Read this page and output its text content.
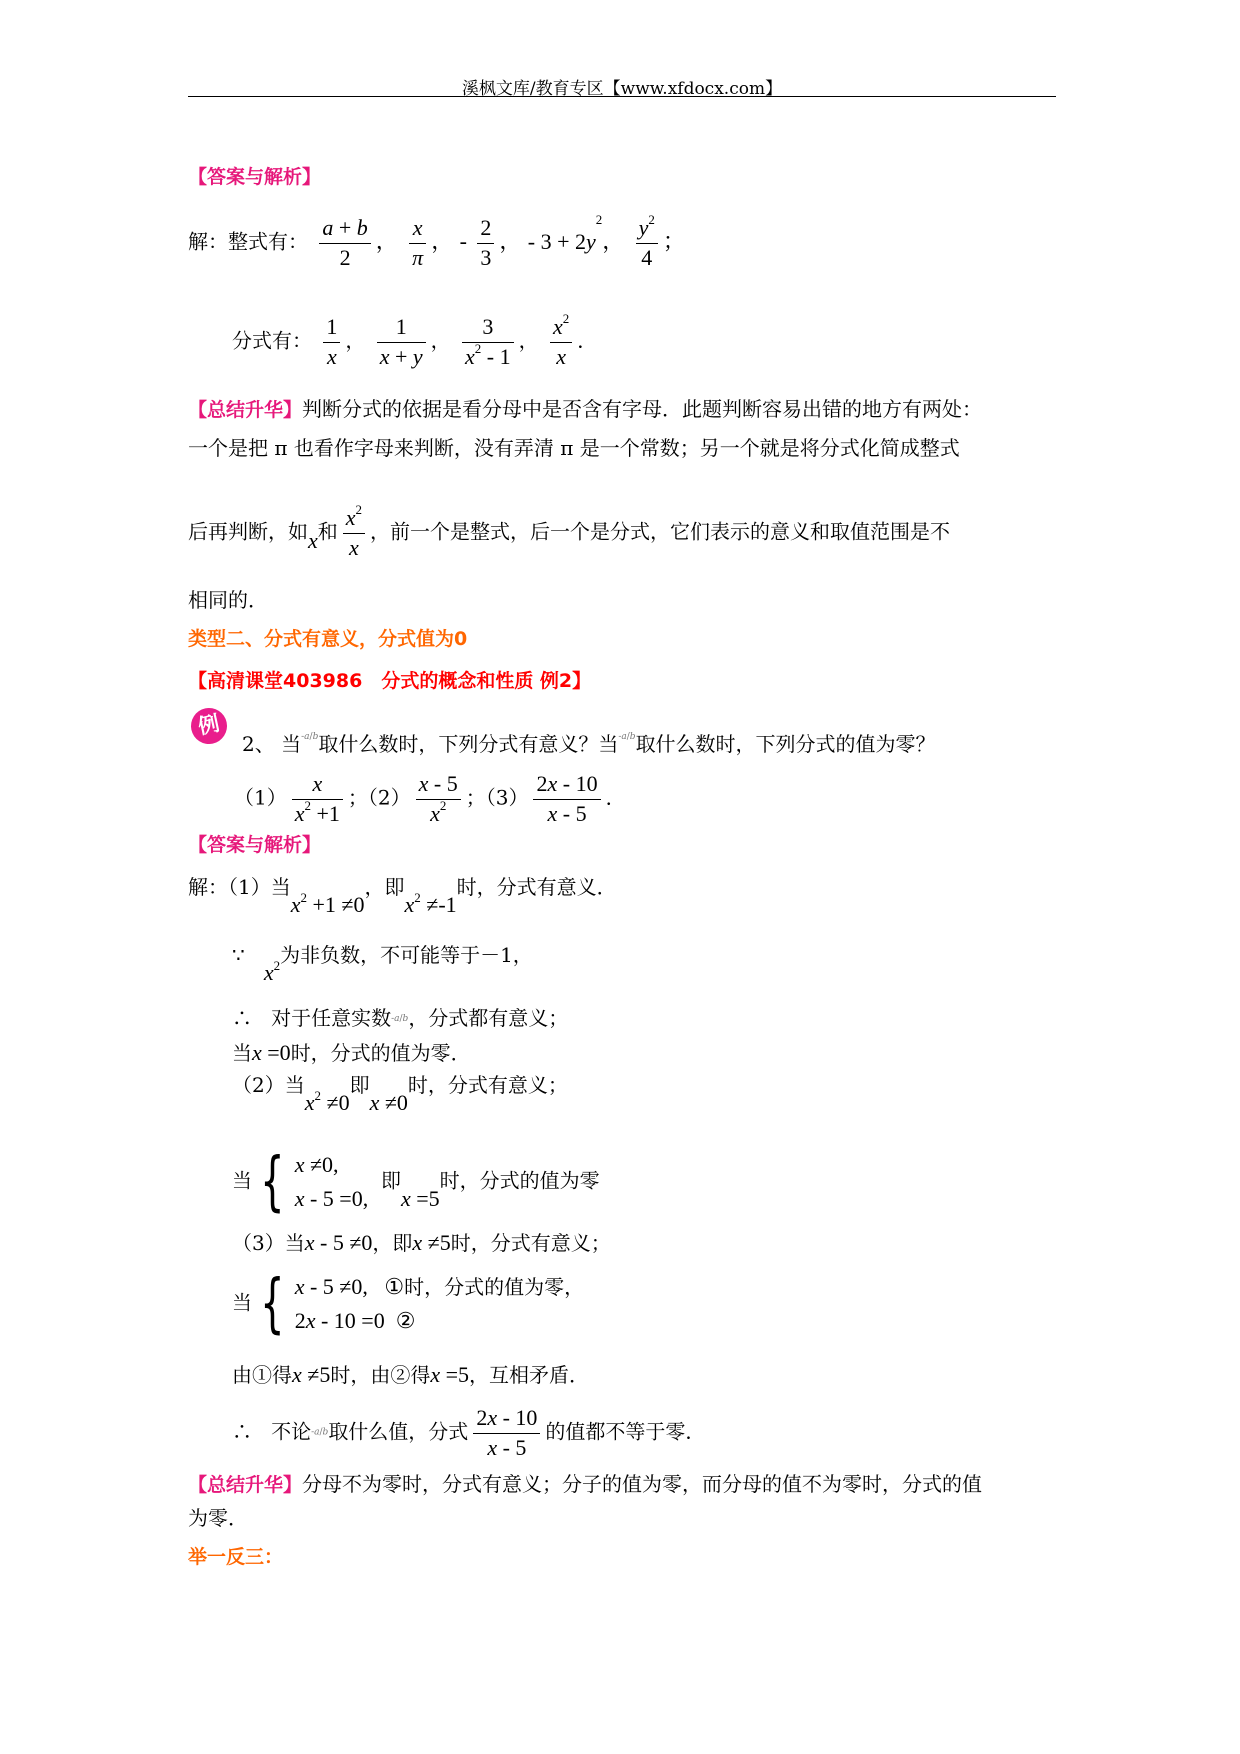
溪枫文库/教育专区【www.xfdocx.com】
【答案与解析】
解：整式有： $\frac{a + b}{2}$ ， $\frac{x}{\pi}$ ， - $\frac{2}{3}$ ， - $3 + 2y^2$， $\frac{y^2}{4}$ ；
分式有： $\frac{1}{x}$ ， $\frac{1}{x + y}$ ， $\frac{3}{x^2 - 1}$ ， $\frac{x^2}{x}$ ．
【总结升华】判断分式的依据是看分母中是否含有字母．此题判断容易出错的地方有两处：
一个是把 π 也看作字母来判断，没有弄清 π 是一个常数；另一个就是将分式化简成整式
后再判断，如x和 $\frac{x^2}{x}$ ，前一个是整式，后一个是分式，它们表示的意义和取值范围是不
相同的．
类型二、分式有意义，分式值为0
【高清课堂403986　分式的概念和性质 例2】
例
2、 当$^{-a/b}$取什么数时，下列分式有意义？当$^{-a/b}$取什么数时，下列分式的值为零？
$(1) \frac{x}{x^2 +1}$ ；$(2) \frac{x - 5}{x^2}$ ；$(3) \frac{2x - 10}{x - 5}$ ．
【答案与解析】
解：（1）当$x^2 +1 \ne 0$，即$x^2 \ne-1$时，分式有意义．
∵   $x^2$为非负数，不可能等于－1，
∴ 对于任意实数-a/b，分式都有意义；
当x =0时，分式的值为零．
（2）当$x^2 \ne 0$即x ≠0时，分式有意义；
当 { x ≠0,
x - 5 =0,
即x =5时，分式的值为零
（3）当x - 5 ≠0，即x ≠5时，分式有意义；
当 { x - 5 ≠0,   ①时，分式的值为零，
2x - 10 =0  ②
由①得x ≠5时，由②得x =5，互相矛盾．
∴ 不论-a/b取什么值，分式 $\frac{2x - 10}{x - 5}$ 的值都不等于零．
【总结升华】分母不为零时，分式有意义；分子的值为零，而分母的值不为零时，分式的值
为零．
举一反三：
